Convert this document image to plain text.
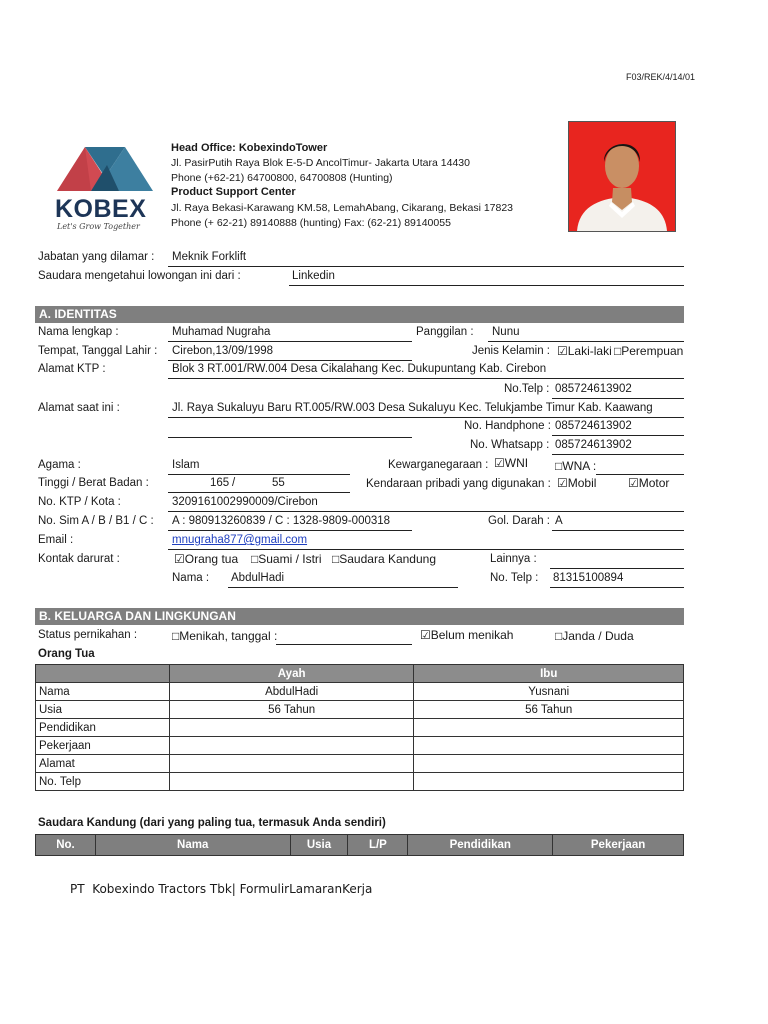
F03/REK/4/14/01
KOBEX
Let's Grow Together
Head Office: KobexindoTower
Jl. PasirPutih Raya Blok E-5-D AncolTimur- Jakarta Utara 14430
Phone (+62-21) 64700800, 64700808 (Hunting)
Product Support Center
Jl. Raya Bekasi-Karawang KM.58, LemahAbang, Cikarang, Bekasi 17823
Phone (+ 62-21) 89140888 (hunting) Fax: (62-21) 89140055
Jabatan yang dilamar : Meknik Forklift
Saudara mengetahui lowongan ini dari :	Linkedin
A. IDENTITAS
Nama lengkap :	Muhamad Nugraha	Panggilan : Nunu
Tempat, Tanggal Lahir : Cirebon,13/09/1998	Jenis Kelamin : ☑Laki-laki □Perempuan
Alamat KTP :	Blok 3 RT.001/RW.004 Desa Cikalahang Kec. Dukupuntang Kab. Cirebon
No.Telp : 085724613902
Alamat saat ini :	Jl. Raya Sukaluyu Baru RT.005/RW.003 Desa Sukaluyu Kec. Telukjambe Timur Kab. Kaawang
No. Handphone : 085724613902
No. Whatsapp : 085724613902
Agama :	Islam	Kewarganegaraan : ☑WNI □WNA :
Tinggi / Berat Badan :	165 /	55	Kendaraan pribadi yang digunakan : ☑Mobil	☑Motor
No. KTP / Kota :	3209161002990009/Cirebon
No. Sim A / B / B1 / C : A : 980913260839 / C : 1328-9809-000318	Gol. Darah : A
Email :	mnugraha877@gmail.com
Kontak darurat :	☑Orang tua □Suami / Istri □Saudara Kandung	Lainnya :
Nama : AbdulHadi	No. Telp : 81315100894
B. KELUARGA DAN LINGKUNGAN
Status pernikahan :	□Menikah, tanggal :	☑Belum menikah	□Janda / Duda
Orang Tua
	Ayah	Ibu
Nama	AbdulHadi	Yusnani
Usia	56 Tahun	56 Tahun
Pendidikan		
Pekerjaan		
Alamat		
No. Telp		
Saudara Kandung (dari yang paling tua, termasuk Anda sendiri)
No.	Nama	Usia	L/P	Pendidikan	Pekerjaan
PT  Kobexindo Tractors Tbk| FormulirLamaranKerja
